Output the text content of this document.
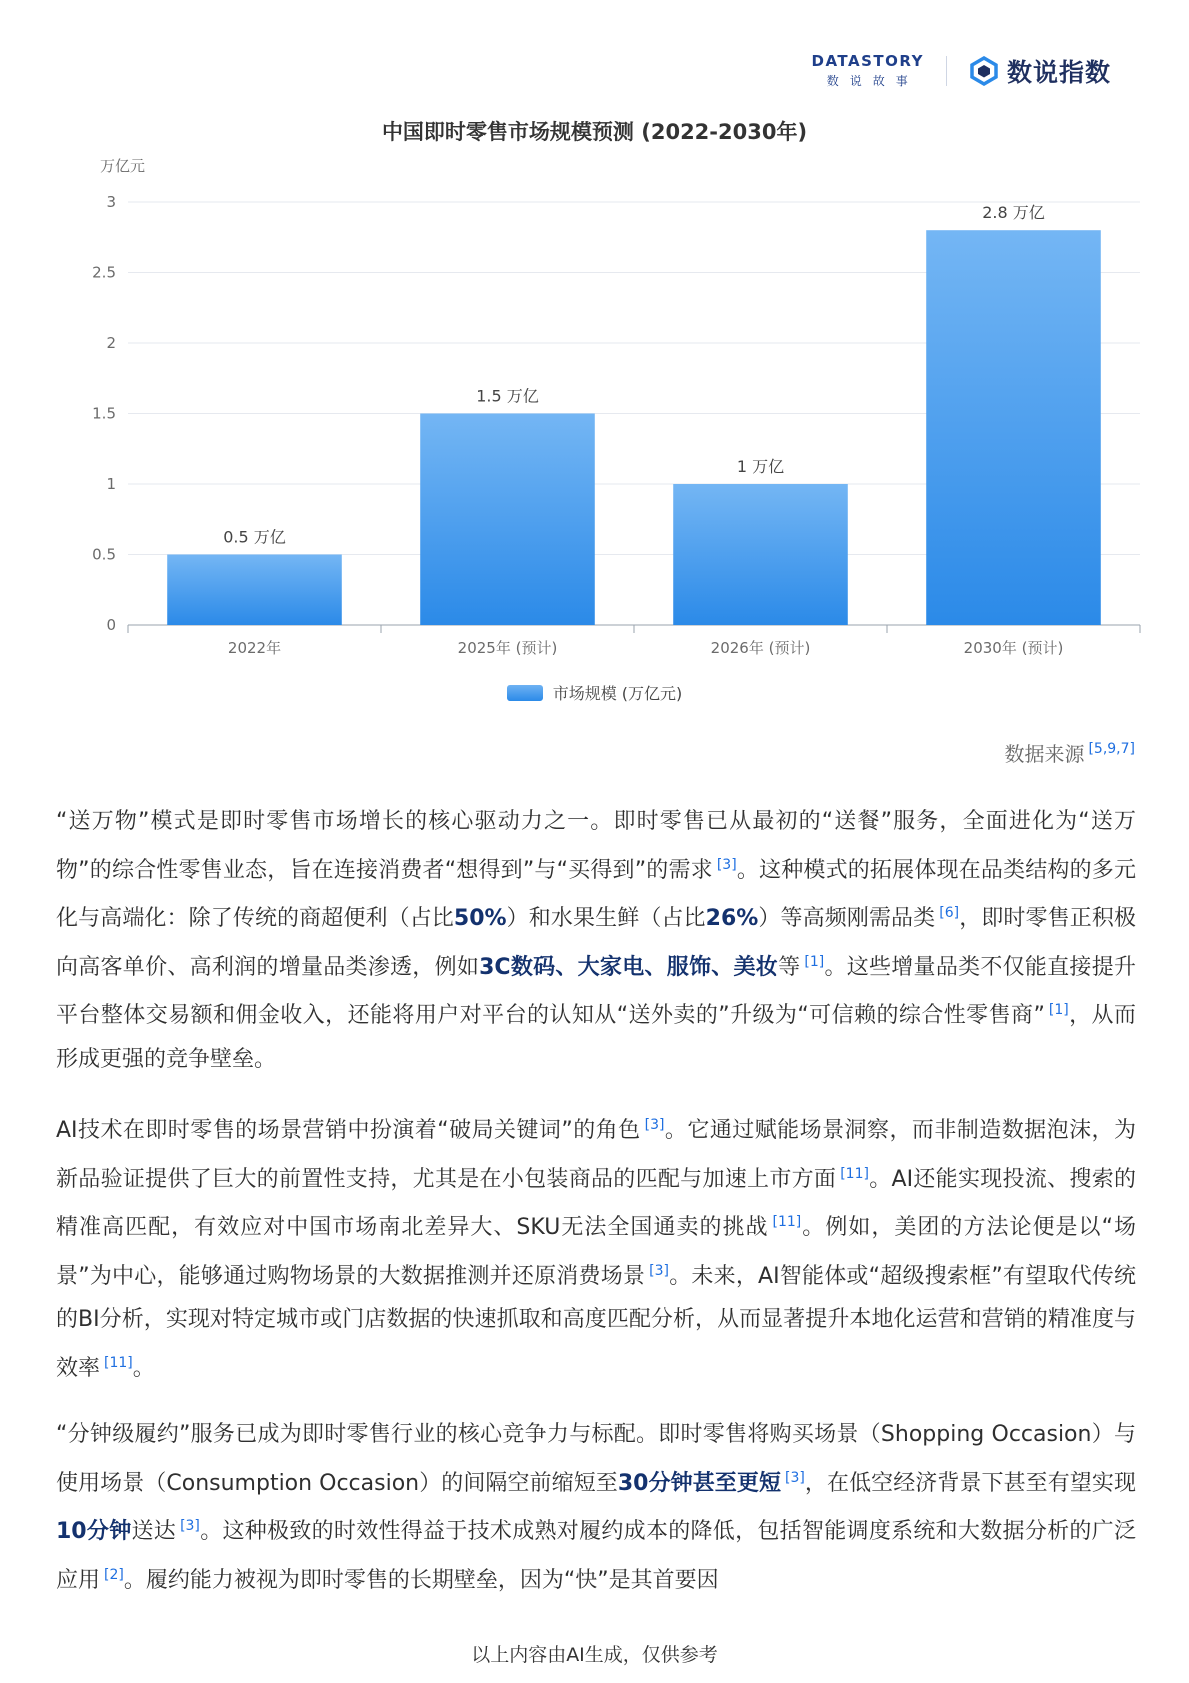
DATASTORY
数说故事	数说指数
中国即时零售市场规模预测 (2022-2030年)
万亿元
0
0.5
1
1.5
2
2.5
3
0.5 万亿
2022年
1.5 万亿
2025年 (预计)
1 万亿
2026年 (预计)
2.8 万亿
2030年 (预计)
市场规模 (万亿元)
数据来源 [5,9,7]

“送万物”模式是即时零售市场增长的核心驱动力之一。即时零售已从最初的“送餐”服务，全面进化为“送万物”的综合性零售业态，旨在连接消费者“想得到”与“买得到”的需求 [3]。这种模式的拓展体现在品类结构的多元化与高端化：除了传统的商超便利（占比50%）和水果生鲜（占比26%）等高频刚需品类 [6]，即时零售正积极向高客单价、高利润的增量品类渗透，例如3C数码、大家电、服饰、美妆等 [1]。这些增量品类不仅能直接提升平台整体交易额和佣金收入，还能将用户对平台的认知从“送外卖的”升级为“可信赖的综合性零售商” [1]，从而形成更强的竞争壁垒。

AI技术在即时零售的场景营销中扮演着“破局关键词”的角色 [3]。它通过赋能场景洞察，而非制造数据泡沫，为新品验证提供了巨大的前置性支持，尤其是在小包装商品的匹配与加速上市方面 [11]。AI还能实现投流、搜索的精准高匹配，有效应对中国市场南北差异大、SKU无法全国通卖的挑战 [11]。例如，美团的方法论便是以“场景”为中心，能够通过购物场景的大数据推测并还原消费场景 [3]。未来，AI智能体或“超级搜索框”有望取代传统的BI分析，实现对特定城市或门店数据的快速抓取和高度匹配分析，从而显著提升本地化运营和营销的精准度与效率 [11]。

“分钟级履约”服务已成为即时零售行业的核心竞争力与标配。即时零售将购买场景（Shopping Occasion）与使用场景（Consumption Occasion）的间隔空前缩短至30分钟甚至更短 [3]，在低空经济背景下甚至有望实现10分钟送达 [3]。这种极致的时效性得益于技术成熟对履约成本的降低，包括智能调度系统和大数据分析的广泛应用 [2]。履约能力被视为即时零售的长期壁垒，因为“快”是其首要因

以上内容由AI生成，仅供参考
